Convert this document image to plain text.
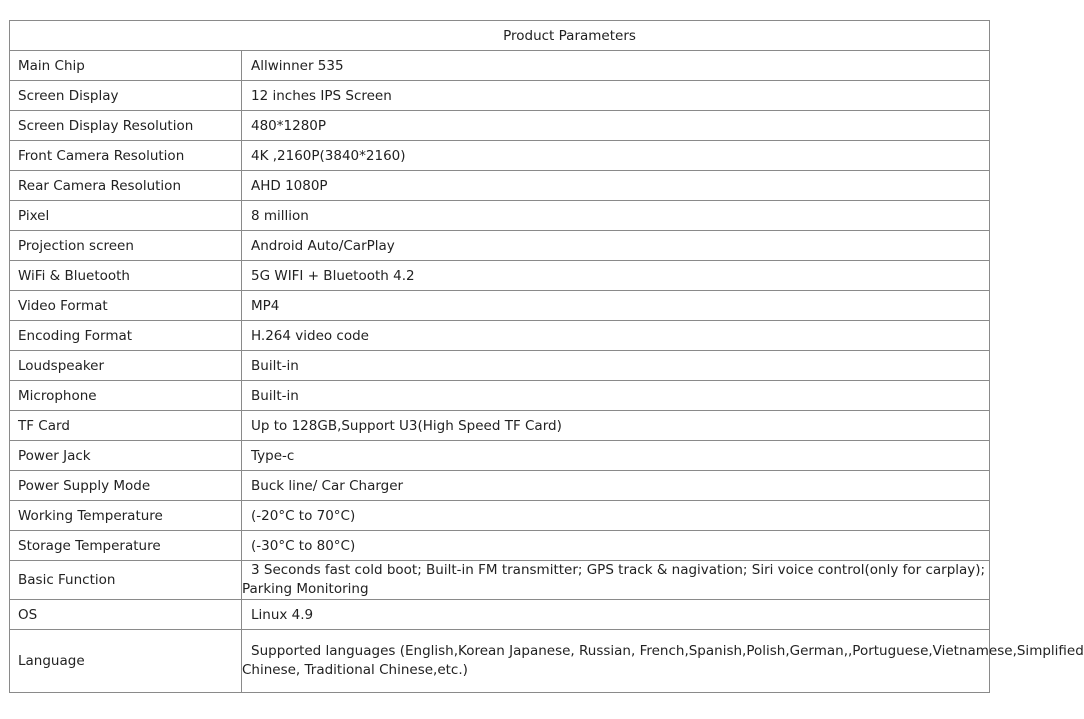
Product Parameters	
Main Chip	Allwinner 535
Screen Display	12 inches IPS Screen
Screen Display Resolution	480*1280P
Front Camera Resolution	4K ,2160P(3840*2160)
Rear Camera Resolution	AHD 1080P
Pixel	8 million
Projection screen	Android Auto/CarPlay
WiFi & Bluetooth	5G WIFI + Bluetooth 4.2
Video Format	MP4
Encoding Format	H.264 video code
Loudspeaker	Built-in
Microphone	Built-in
TF Card	Up to 128GB,Support U3(High Speed TF Card)
Power Jack	Type-c
Power Supply Mode	Buck line/ Car Charger
Working Temperature	(-20°C to 70°C)
Storage Temperature	(-30°C to 80°C)
Basic Function	3 Seconds fast cold boot; Built-in FM transmitter; GPS track & nagivation; Siri voice control(only for carplay);
Parking Monitoring

OS	Linux 4.9
Language	Supported languages (English,Korean Japanese, Russian, French,Spanish,Polish,German,,Portuguese,Vietnamese,Simplified
Chinese, Traditional Chinese,etc.)
